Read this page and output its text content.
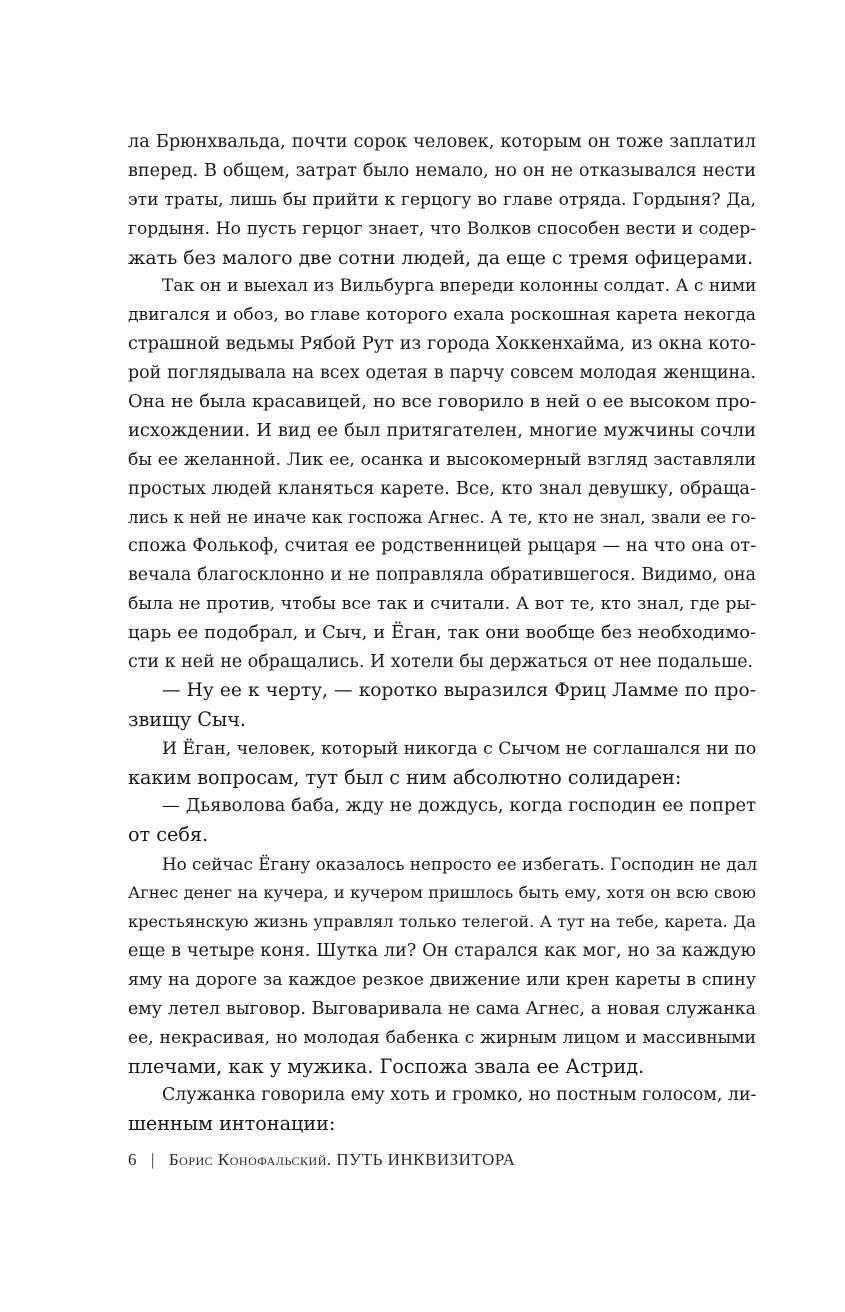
ла Брюнхвальда, почти сорок человек, которым он тоже заплатил
вперед. В общем, затрат было немало, но он не отказывался нести
эти траты, лишь бы прийти к герцогу во главе отряда. Гордыня? Да,
гордыня. Но пусть герцог знает, что Волков способен вести и содер-
жать без малого две сотни людей, да еще с тремя офицерами.

Так он и выехал из Вильбурга впереди колонны солдат. А с ними
двигался и обоз, во главе которого ехала роскошная карета некогда
страшной ведьмы Рябой Рут из города Хоккенхайма, из окна кото-
рой поглядывала на всех одетая в парчу совсем молодая женщина.
Она не была красавицей, но все говорило в ней о ее высоком про-
исхождении. И вид ее был притягателен, многие мужчины сочли
бы ее желанной. Лик ее, осанка и высокомерный взгляд заставляли
простых людей кланяться карете. Все, кто знал девушку, обраща-
лись к ней не иначе как госпожа Агнес. А те, кто не знал, звали ее го-
спожа Фолькоф, считая ее родственницей рыцаря — на что она от-
вечала благосклонно и не поправляла обратившегося. Видимо, она
была не против, чтобы все так и считали. А вот те, кто знал, где ры-
царь ее подобрал, и Сыч, и Ёган, так они вообще без необходимо-
сти к ней не обращались. И хотели бы держаться от нее подальше.

— Ну ее к черту, — коротко выразился Фриц Ламме по про-
звищу Сыч.

И Ёган, человек, который никогда с Сычом не соглашался ни по
каким вопросам, тут был с ним абсолютно солидарен:

— Дьяволова баба, жду не дождусь, когда господин ее попрет
от себя.

Но сейчас Ёгану оказалось непросто ее избегать. Господин не дал
Агнес денег на кучера, и кучером пришлось быть ему, хотя он всю свою
крестьянскую жизнь управлял только телегой. А тут на тебе, карета. Да
еще в четыре коня. Шутка ли? Он старался как мог, но за каждую
яму на дороге за каждое резкое движение или крен кареты в спину
ему летел выговор. Выговаривала не сама Агнес, а новая служанка
ее, некрасивая, но молодая бабенка с жирным лицом и массивными
плечами, как у мужика. Госпожа звала ее Астрид.

Служанка говорила ему хоть и громко, но постным голосом, ли-
шенным интонации:

6 | Борис Конофальский. ПУТЬ ИНКВИЗИТОРА
